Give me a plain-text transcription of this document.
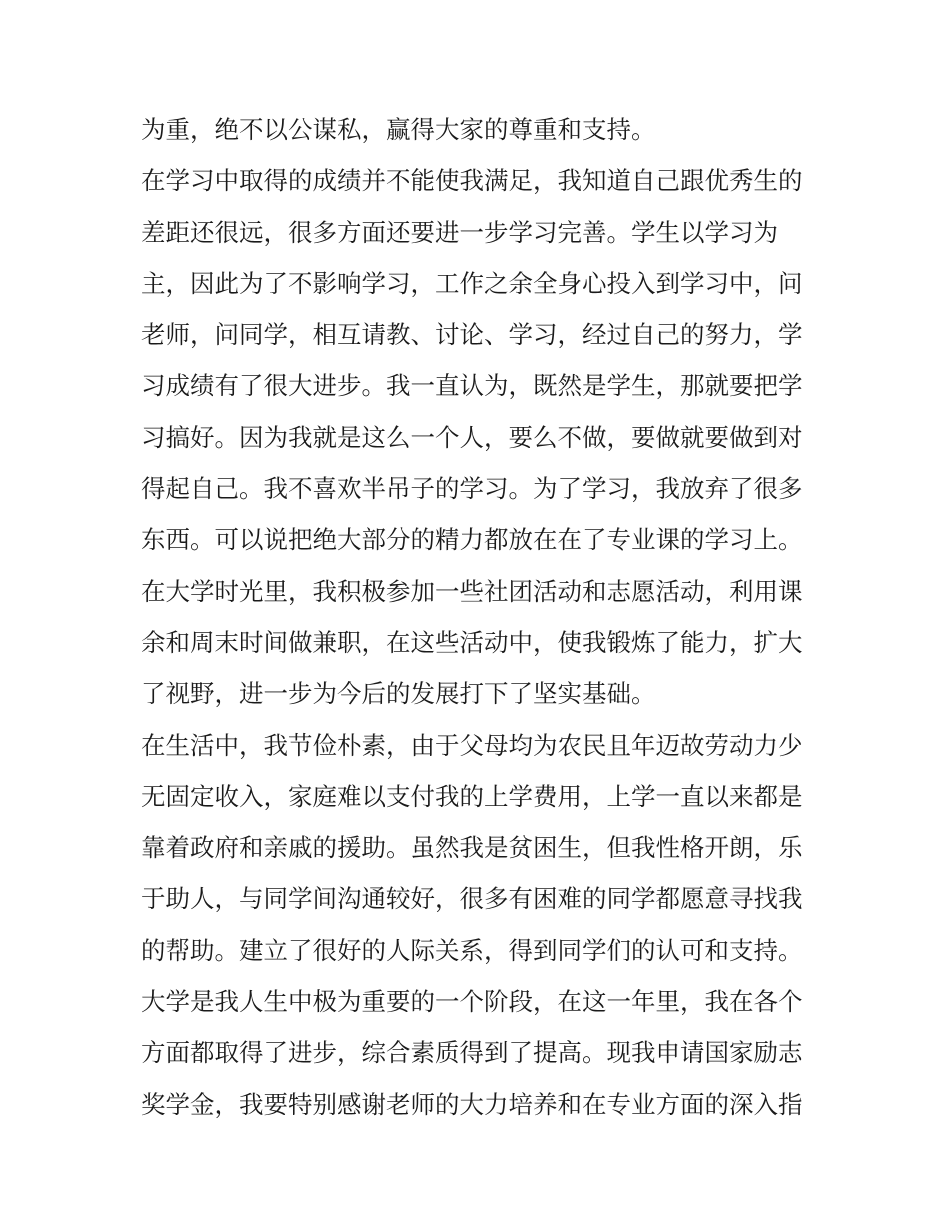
为重，绝不以公谋私，赢得大家的尊重和支持。
在学习中取得的成绩并不能使我满足，我知道自己跟优秀生的
差距还很远，很多方面还要进一步学习完善。学生以学习为
主，因此为了不影响学习，工作之余全身心投入到学习中，问
老师，问同学，相互请教、讨论、学习，经过自己的努力，学
习成绩有了很大进步。我一直认为，既然是学生，那就要把学
习搞好。因为我就是这么一个人，要么不做，要做就要做到对
得起自己。我不喜欢半吊子的学习。为了学习，我放弃了很多
东西。可以说把绝大部分的精力都放在在了专业课的学习上。
在大学时光里，我积极参加一些社团活动和志愿活动，利用课
余和周末时间做兼职，在这些活动中，使我锻炼了能力，扩大
了视野，进一步为今后的发展打下了坚实基础。
在生活中，我节俭朴素，由于父母均为农民且年迈故劳动力少
无固定收入，家庭难以支付我的上学费用，上学一直以来都是
靠着政府和亲戚的援助。虽然我是贫困生，但我性格开朗，乐
于助人，与同学间沟通较好，很多有困难的同学都愿意寻找我
的帮助。建立了很好的人际关系，得到同学们的认可和支持。
大学是我人生中极为重要的一个阶段，在这一年里，我在各个
方面都取得了进步，综合素质得到了提高。现我申请国家励志
奖学金，我要特别感谢老师的大力培养和在专业方面的深入指
